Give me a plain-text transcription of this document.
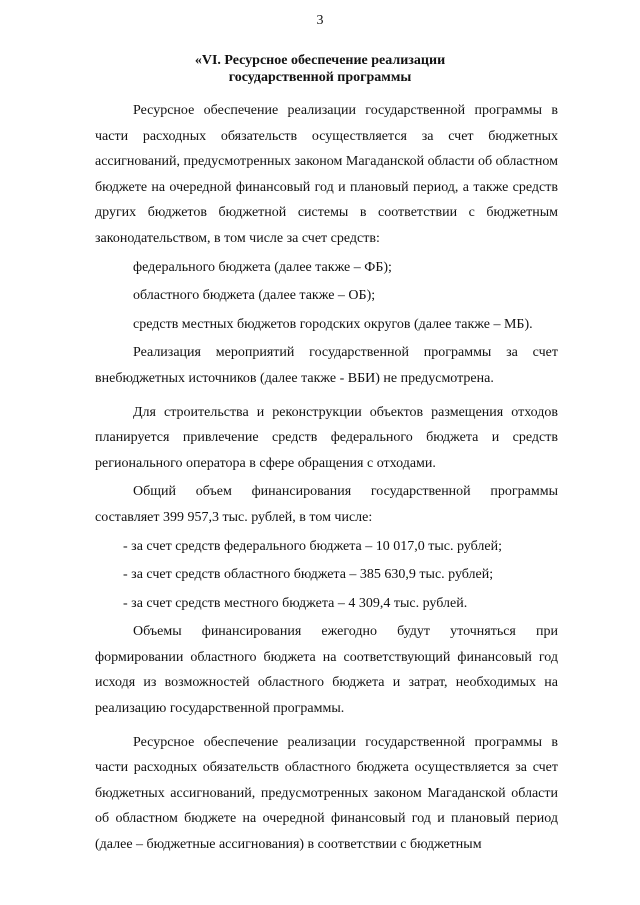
3
«VI. Ресурсное обеспечение реализации
государственной программы

Ресурсное обеспечение реализации государственной программы в части расходных обязательств осуществляется за счет бюджетных ассигнований, предусмотренных законом Магаданской области об областном бюджете на очередной финансовый год и плановый период, а также средств других бюджетов бюджетной системы в соответствии с бюджетным законодательством, в том числе за счет средств:

федерального бюджета (далее также – ФБ);

областного бюджета (далее также – ОБ);

средств местных бюджетов городских округов (далее также – МБ).

Реализация мероприятий государственной программы за счет внебюджетных источников (далее также - ВБИ) не предусмотрена.

Для строительства и реконструкции объектов размещения отходов планируется привлечение средств федерального бюджета и средств регионального оператора в сфере обращения с отходами.

Общий объем финансирования государственной программы составляет 399 957,3 тыс. рублей, в том числе:

- за счет средств федерального бюджета – 10 017,0 тыс. рублей;

- за счет средств областного бюджета – 385 630,9 тыс. рублей;

- за счет средств местного бюджета – 4 309,4 тыс. рублей.

Объемы финансирования ежегодно будут уточняться при формировании областного бюджета на соответствующий финансовый год исходя из возможностей областного бюджета и затрат, необходимых на реализацию государственной программы.

Ресурсное обеспечение реализации государственной программы в части расходных обязательств областного бюджета осуществляется за счет бюджетных ассигнований, предусмотренных законом Магаданской области об областном бюджете на очередной финансовый год и плановый период (далее – бюджетные ассигнования) в соответствии с бюджетным
